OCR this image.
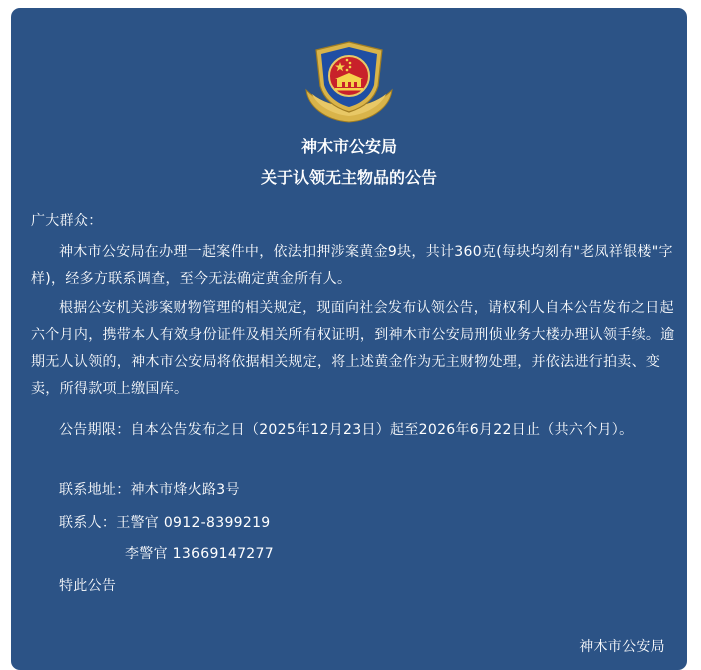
神木市公安局
关于认领无主物品的公告

广大群众：

神木市公安局在办理一起案件中，依法扣押涉案黄金9块，共计360克(每块均刻有"老凤祥银楼"字样)，经多方联系调查，至今无法确定黄金所有人。

根据公安机关涉案财物管理的相关规定，现面向社会发布认领公告，请权利人自本公告发布之日起六个月内，携带本人有效身份证件及相关所有权证明，到神木市公安局刑侦业务大楼办理认领手续。逾期无人认领的，神木市公安局将依据相关规定，将上述黄金作为无主财物处理，并依法进行拍卖、变卖，所得款项上缴国库。

公告期限：自本公告发布之日（2025年12月23日）起至2026年6月22日止（共六个月）。

联系地址：神木市烽火路3号

联系人：王警官 0912-8399219

李警官 13669147277

特此公告

神木市公安局
